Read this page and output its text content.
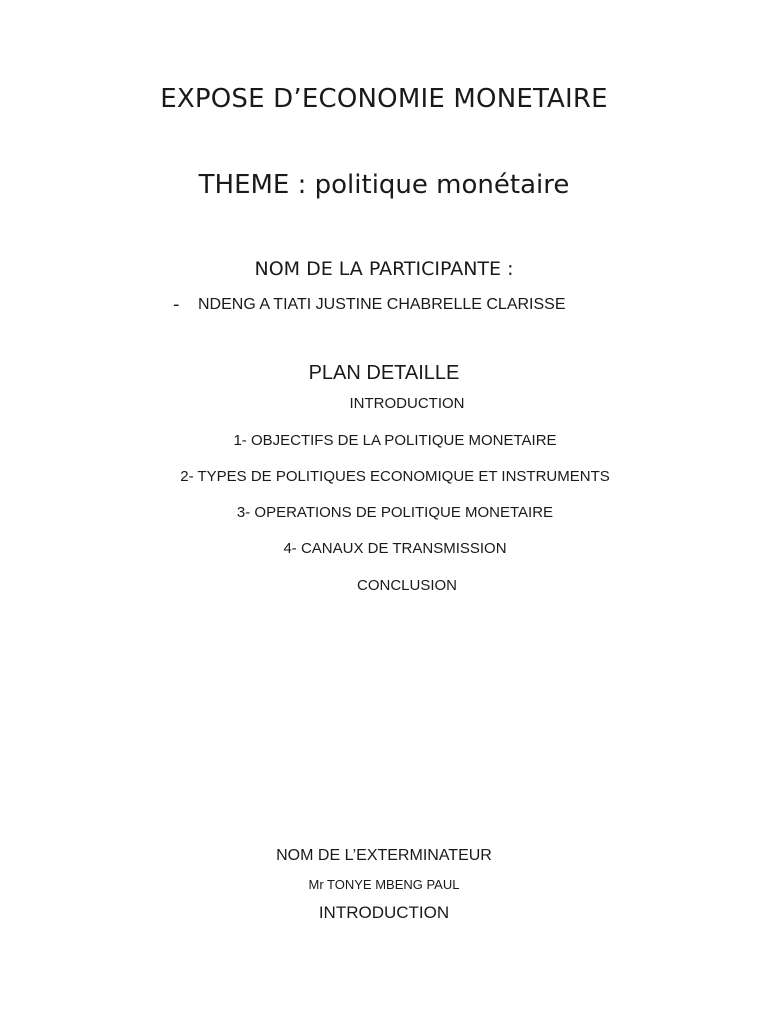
EXPOSE D’ECONOMIE MONETAIRE
THEME : politique monétaire
NOM DE LA PARTICIPANTE :
- NDENG A TIATI JUSTINE CHABRELLE CLARISSE
PLAN DETAILLE
INTRODUCTION
1- OBJECTIFS DE LA POLITIQUE MONETAIRE
2- TYPES DE POLITIQUES ECONOMIQUE ET INSTRUMENTS
3- OPERATIONS DE POLITIQUE MONETAIRE
4- CANAUX DE TRANSMISSION
CONCLUSION
NOM DE L’EXTERMINATEUR
Mr TONYE MBENG PAUL
INTRODUCTION
